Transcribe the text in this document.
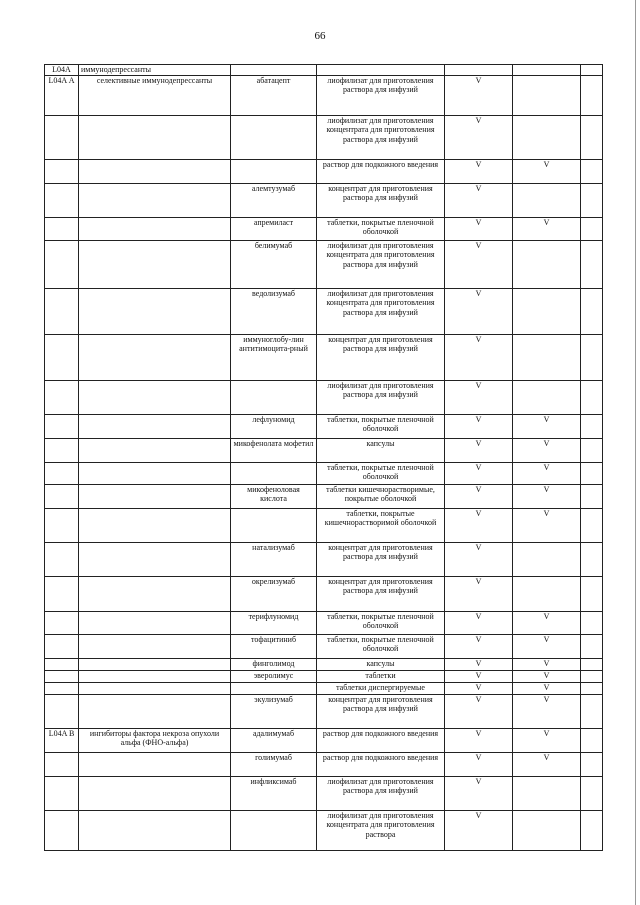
66
L04A	иммунодепрессанты					
L04A А	селективные иммунодепрессанты	абатацепт	лиофилизат для приготовления раствора для инфузий	V		
			лиофилизат для приготовления концентрата для приготовления раствора для инфузий	V		
			раствор для подкожного введения	V	V	
		алемтузумаб	концентрат для приготовления раствора для инфузий	V		
		апремиласт	таблетки, покрытые пленочной оболочкой	V	V	
		белимумаб	лиофилизат для приготовления концентрата для приготовления раствора для инфузий	V		
		ведолизумаб	лиофилизат для приготовления концентрата для приготовления раствора для инфузий	V		
		иммуноглобу-лин антитимоцита-рный	концентрат для приготовления раствора для инфузий	V		
			лиофилизат для приготовления раствора для инфузий	V		
		лефлуномид	таблетки, покрытые пленочной оболочкой	V	V	
		микофенолата мофетил	капсулы	V	V	
			таблетки, покрытые пленочной оболочкой	V	V	
		микофеноловая кислота	таблетки кишечнорастворимые, покрытые оболочкой	V	V	
			таблетки, покрытые кишечнорастворимой оболочкой	V	V	
		натализумаб	концентрат для приготовления раствора для инфузий	V		
		окрелизумаб	концентрат для приготовления раствора для инфузий	V		
		терифлуномид	таблетки, покрытые пленочной оболочкой	V	V	
		тофацитиниб	таблетки, покрытые пленочной оболочкой	V	V	
		финголимод	капсулы	V	V	
		эверолимус	таблетки	V	V	
			таблетки диспергируемые	V	V	
		экулизумаб	концентрат для приготовления раствора для инфузий	V	V	
L04A В	ингибиторы фактора некроза опухоли альфа (ФНО-альфа)	адалимумаб	раствор для подкожного введения	V	V	
		голимумаб	раствор для подкожного введения	V	V	
		инфликсимаб	лиофилизат для приготовления раствора для инфузий	V		
			лиофилизат для приготовления концентрата для приготовления раствора	V		
